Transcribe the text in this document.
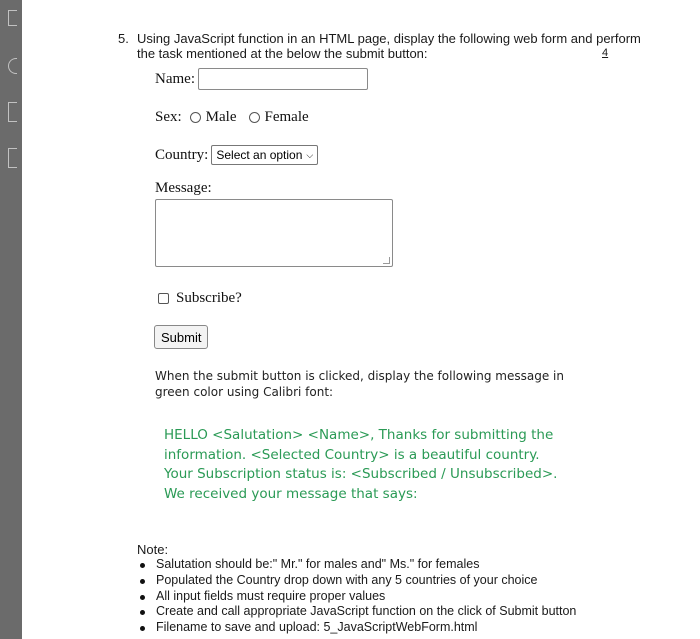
5. Using JavaScript function in an HTML page, display the following web form and perform the task mentioned at the below the submit button:	4
Name:
Sex: Male Female
Country: Select an option ⌵
Message:
Subscribe?
Submit
When the submit button is clicked, display the following message in green color using Calibri font:

HELLO <Salutation> <Name>, Thanks for submitting the information. <Selected Country> is a beautiful country.

Your Subscription status is: <Subscribed / Unsubscribed>.

We received your message that says:

Note:
Salutation should be:" Mr." for males and" Ms." for females
Populated the Country drop down with any 5 countries of your choice
All input fields must require proper values
Create and call appropriate JavaScript function on the click of Submit button
Filename to save and upload: 5_JavaScriptWebForm.html
